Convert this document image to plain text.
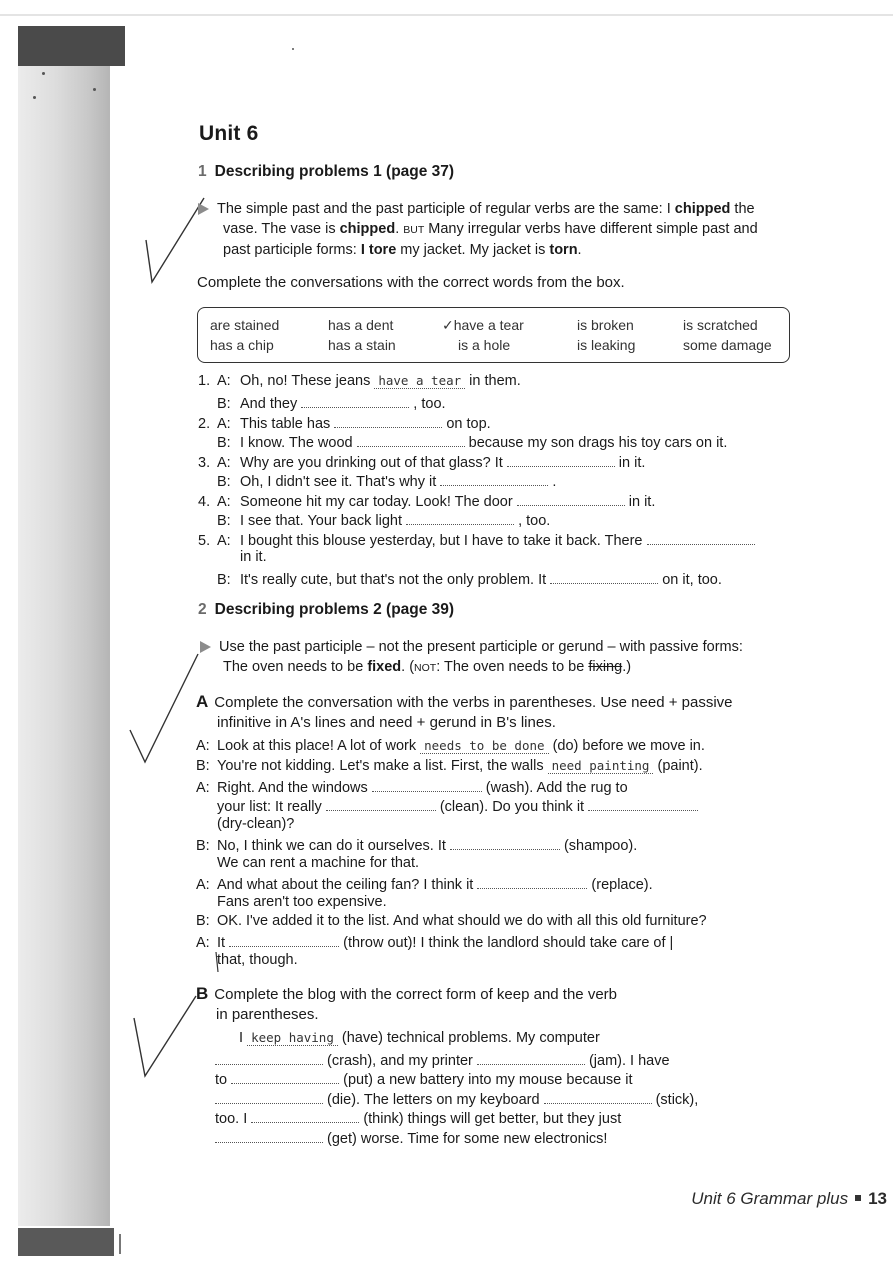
Unit 6
1 Describing problems 1 (page 37)
The simple past and the past participle of regular verbs are the same: I chipped the
vase. The vase is chipped. BUT Many irregular verbs have different simple past and
past participle forms: I tore my jacket. My jacket is torn.
Complete the conversations with the correct words from the box.
are stained	has a dent	✓have a tear	is broken	is scratched
has a chip	has a stain	is a hole	is leaking	some damage
1. A: Oh, no! These jeans have a tear in them.
B: And they	, too.
2. A: This table has	on top.
B: I know. The wood	because my son drags his toy cars on it.
3. A: Why are you drinking out of that glass? It	in it.
B: Oh, I didn't see it. That's why it	.
4. A: Someone hit my car today. Look! The door	in it.
B: I see that. Your back light	, too.
5. A: I bought this blouse yesterday, but I have to take it back. There
in it.
B: It's really cute, but that's not the only problem. It	on it, too.
2 Describing problems 2 (page 39)
Use the past participle – not the present participle or gerund – with passive forms:
The oven needs to be fixed. (NOT: The oven needs to be fixing.)
A Complete the conversation with the verbs in parentheses. Use need + passive
infinitive in A's lines and need + gerund in B's lines.
A: Look at this place! A lot of work needs to be done (do) before we move in.
B: You're not kidding. Let's make a list. First, the walls need painting (paint).
A: Right. And the windows	(wash). Add the rug to
your list: It really	(clean). Do you think it
(dry-clean)?
B: No, I think we can do it ourselves. It	(shampoo).
We can rent a machine for that.
A: And what about the ceiling fan? I think it	(replace).
Fans aren't too expensive.
B: OK. I've added it to the list. And what should we do with all this old furniture?
A: It	(throw out)! I think the landlord should take care of |
that, though.
B Complete the blog with the correct form of keep and the verb
in parentheses.
I keep having (have) technical problems. My computer
(crash), and my printer	(jam). I have
to	(put) a new battery into my mouse because it
(die). The letters on my keyboard	(stick),
too. I	(think) things will get better, but they just
(get) worse. Time for some new electronics!
Unit 6 Grammar plus 13
